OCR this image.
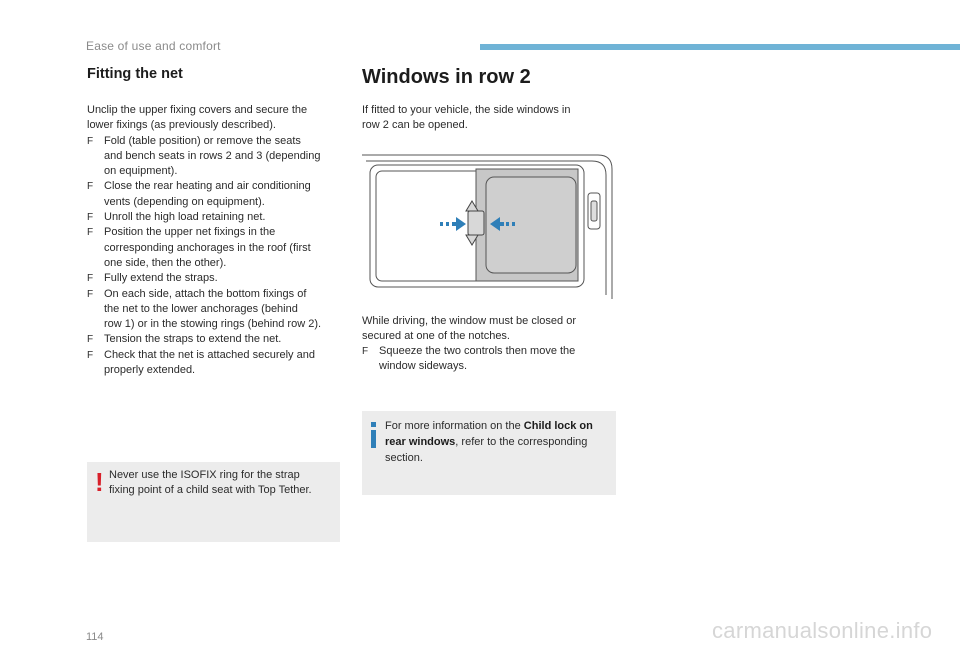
Ease of use and comfort
Fitting the net

Unclip the upper fixing covers and secure the
lower fixings (as previously described).

F Fold (table position) or remove the seats
and bench seats in rows 2 and 3 (depending
on equipment).
F Close the rear heating and air conditioning
vents (depending on equipment).
F Unroll the high load retaining net.
F Position the upper net fixings in the
corresponding anchorages in the roof (first
one side, then the other).
F Fully extend the straps.
F On each side, attach the bottom fixings of
the net to the lower anchorages (behind
row 1) or in the stowing rings (behind row 2).
F Tension the straps to extend the net.
F Check that the net is attached securely and
properly extended.
! Never use the ISOFIX ring for the strap
fixing point of a child seat with Top Tether.
Windows in row 2

If fitted to your vehicle, the side windows in
row 2 can be opened.

While driving, the window must be closed or
secured at one of the notches.

F Squeeze the two controls then move the
window sideways.
For more information on the Child lock on
rear windows, refer to the corresponding
section.
114	carmanualsonline.info
